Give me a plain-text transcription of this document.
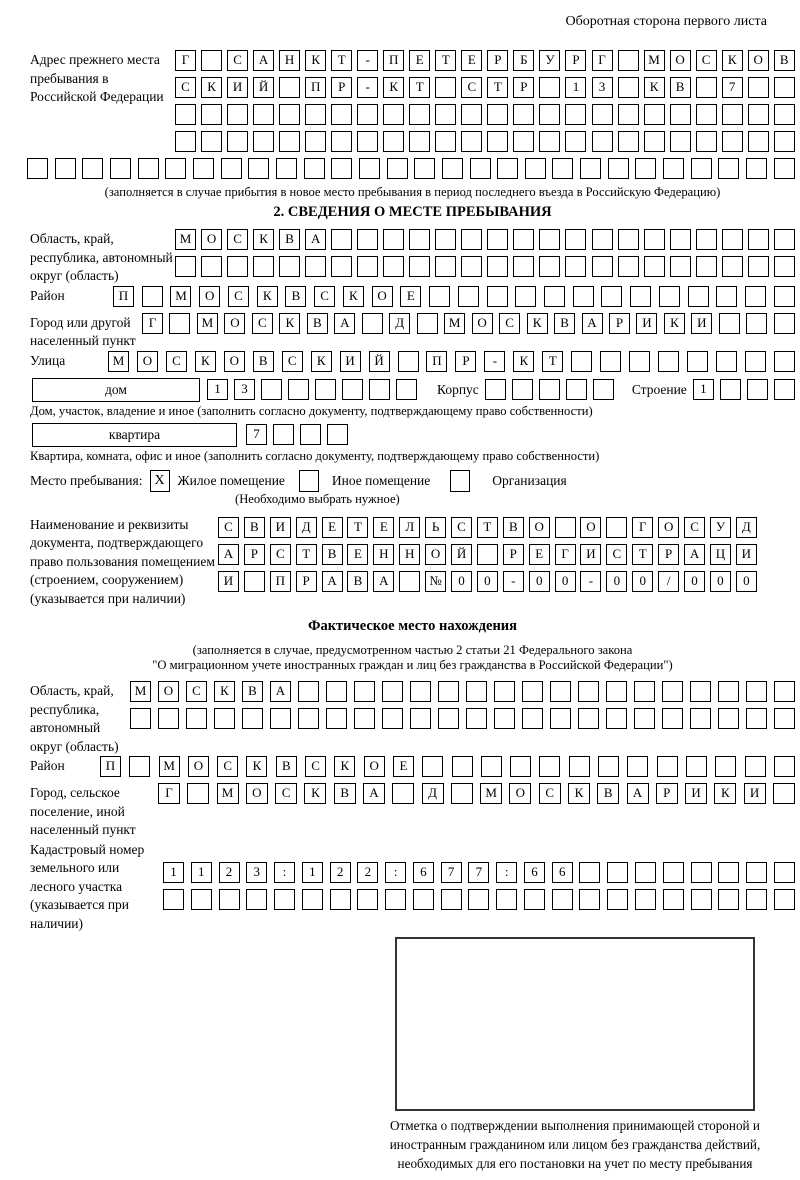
Оборотная сторона первого листа
Адрес прежнего места пребывания в Российской Федерации
Г	С	А	Н	К	Т	-	П	Е	Т	Е	Р	Б	У	Р	Г	М	О	С	К	О	В
С	К	И	Й	П	Р	-	К	Т	С	Т	Р	1	3	К	В	7
(заполняется в случае прибытия в новое место пребывания в период последнего въезда в Российскую Федерацию)
2. СВЕДЕНИЯ О МЕСТЕ ПРЕБЫВАНИЯ
Область, край, республика, автономный округ (область)
М	О	С	К	В	А
Район	П	М	О	С	К	В	С	К	О	Е
Город или другой населенный пункт
Г	М	О	С	К	В	А	Д	М	О	С	К	В	А	Р	И	К	И
Улица	М	О	С	К	О	В	С	К	И	Й	П	Р	-	К	Т
дом	1	3	Корпус	Строение	1
Дом, участок, владение и иное (заполнить согласно документу, подтверждающему право собственности)
квартира	7
Квартира, комната, офис и иное (заполнить согласно документу, подтверждающему право собственности)
Место пребывания: X Жилое помещение	Иное помещение	Организация
(Необходимо выбрать нужное)
Наименование и реквизиты документа, подтверждающего право пользования помещением (строением, сооружением) (указывается при наличии)
С	В	И	Д	Е	Т	Е	Л	Ь	С	Т	В	О	О	Г	О	С	У	Д
А	Р	С	Т	В	Е	Н	Н	О	Й	Р	Е	Г	И	С	Т	Р	А	Ц	И
И	П	Р	А	В	А	№	0	0	-	0	0	-	0	0	/	0	0	0
Фактическое место нахождения
(заполняется в случае, предусмотренном частью 2 статьи 21 Федерального закона
"О миграционном учете иностранных граждан и лиц без гражданства в Российской Федерации")
Область, край, республика, автономный округ (область)
М	О	С	К	В	А
Район	П	М	О	С	К	В	С	К	О	Е
Город, сельское поселение, иной населенный пункт
Г	М	О	С	К	В	А	Д	М	О	С	К	В	А	Р	И	К	И
Кадастровый номер земельного или лесного участка (указывается при наличии)
1	1	2	3	:	1	2	2	:	6	7	7	:	6	6
Отметка о подтверждении выполнения принимающей стороной и иностранным гражданином или лицом без гражданства действий, необходимых для его постановки на учет по месту пребывания
